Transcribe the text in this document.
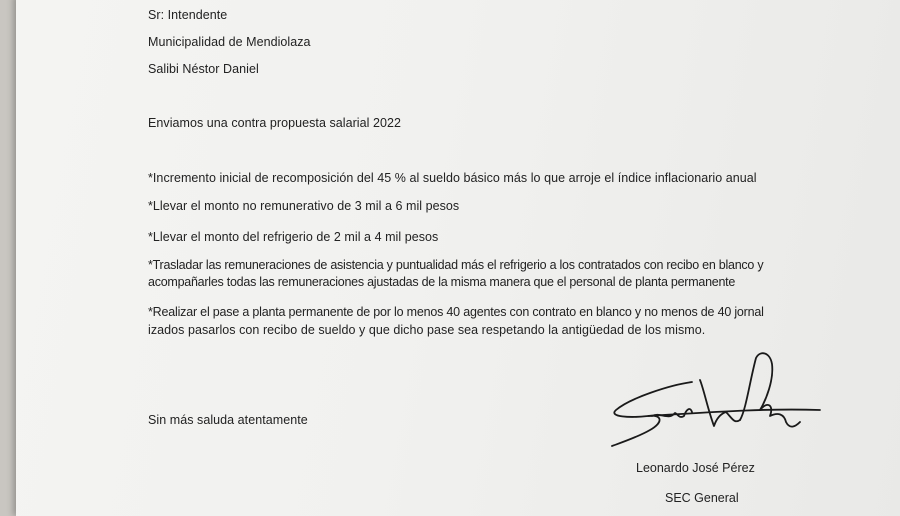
Sr: Intendente
Municipalidad de Mendiolaza
Salibi Néstor Daniel
Enviamos una contra propuesta salarial 2022
*Incremento inicial de recomposición del 45 % al sueldo básico más lo que arroje el índice inflacionario anual
*Llevar el monto no remunerativo de 3 mil a 6 mil pesos
*Llevar el monto del refrigerio de 2 mil a 4 mil pesos
*Trasladar las remuneraciones de asistencia y puntualidad más el refrigerio a los contratados con recibo en blanco y
acompañarles todas las remuneraciones ajustadas de la misma manera que el personal de planta permanente
*Realizar el pase a planta permanente de por lo menos 40 agentes con contrato en blanco y no menos de 40 jornal
izados pasarlos con recibo de sueldo y que dicho pase sea respetando la antigüedad de los mismo.
Sin más saluda atentamente
Leonardo José Pérez
SEC General
